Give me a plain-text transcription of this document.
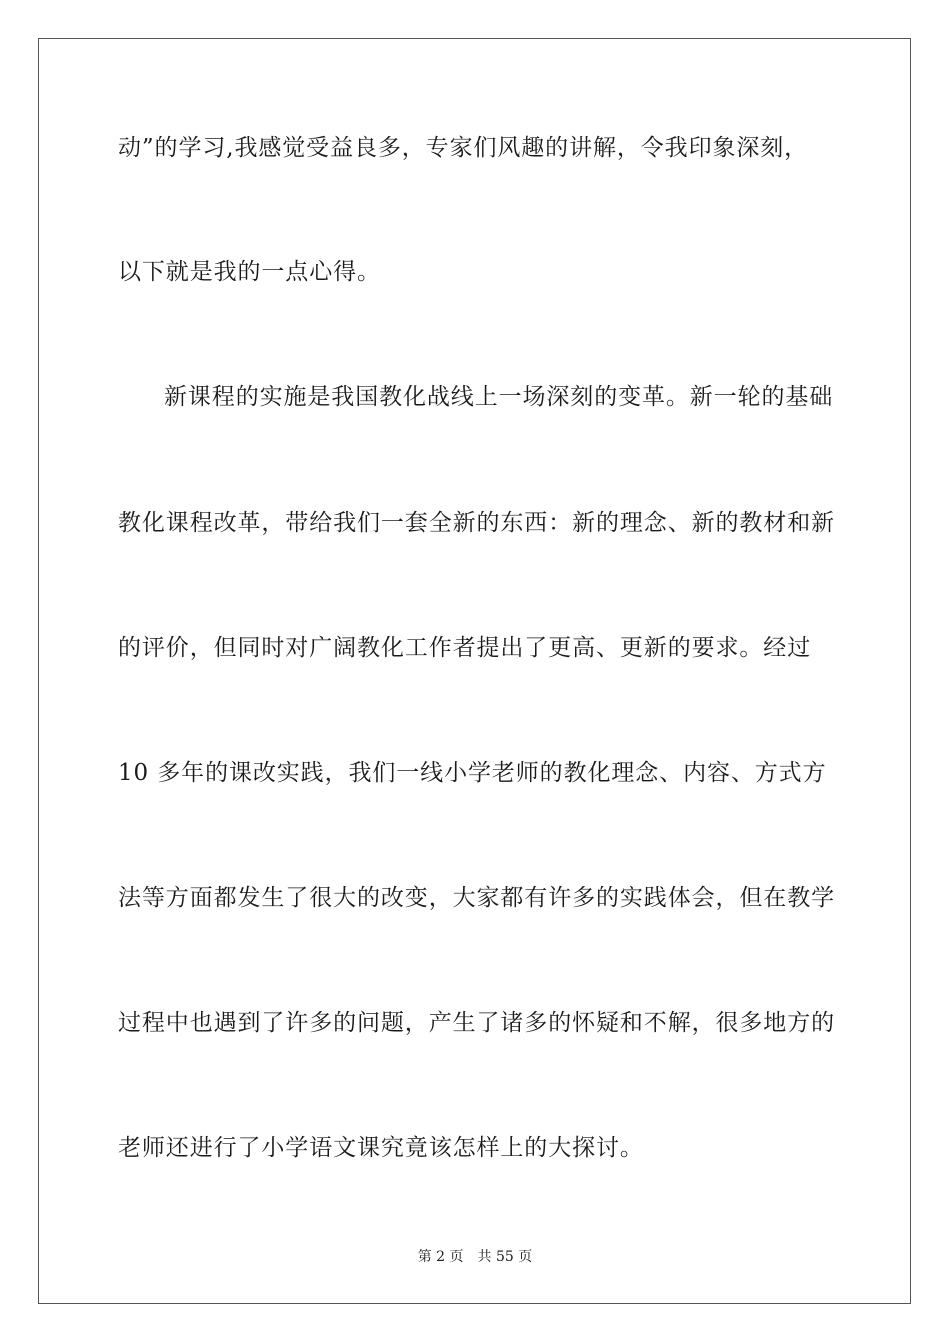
动”的学习,我感觉受益良多，专家们风趣的讲解，令我印象深刻，
以下就是我的一点心得。
新课程的实施是我国教化战线上一场深刻的变革。新一轮的基础
教化课程改革，带给我们一套全新的东西：新的理念、新的教材和新
的评价，但同时对广阔教化工作者提出了更高、更新的要求。经过
10 多年的课改实践，我们一线小学老师的教化理念、内容、方式方
法等方面都发生了很大的改变，大家都有许多的实践体会，但在教学
过程中也遇到了许多的问题，产生了诸多的怀疑和不解，很多地方的
老师还进行了小学语文课究竟该怎样上的大探讨。
第 2 页 共 55 页
